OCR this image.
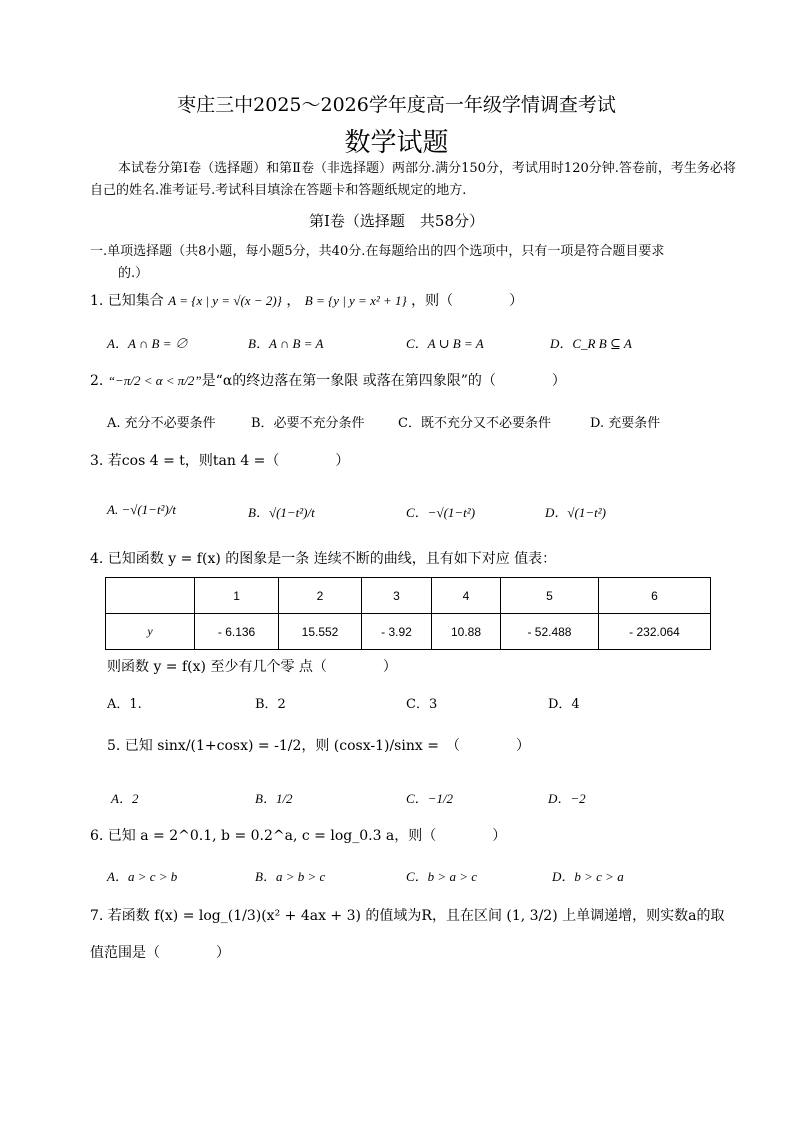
枣庄三中2025～2026学年度高一年级学情调查考试
数学试题
本试卷分第Ⅰ卷（选择题）和第Ⅱ卷（非选择题）两部分.满分150分，考试用时120分钟.答卷前，考生务必将自己的姓名.准考证号.考试科目填涂在答题卡和答题纸规定的地方.
第Ⅰ卷（选择题　共58分）
一.单项选择题（共8小题，每小题5分，共40分.在每题给出的四个选项中，只有一项是符合题目要求
的.）
1. 已知集合 A = {x | y = √(x − 2)} ， B = {y | y = x² + 1} ，则（　　　　）
A．A ∩ B = ∅	B．A ∩ B = A	C．A ∪ B = A	D．C_R B ⊆ A
2. “−π/2 < α < π/2”是“α的终边落在第一象限 或落在第四象限”的（　　　　）
A. 充分不必要条件	B．必要不充分条件	C．既不充分又不必要条件	D. 充要条件
3. 若cos 4 = t，则tan 4 =（　　　　）
A. −√(1−t²)/t	B．√(1−t²)/t	C．−√(1−t²)	D．√(1−t²)
4. 已知函数 y = f(x) 的图象是一条 连续不断的曲线，且有如下对应 值表：
	1	2	3	4	5	6
y	- 6.136	15.552	- 3.92	10.88	- 52.488	- 232.064
则函数 y = f(x) 至少有几个零 点（　　　　）
A．1.	B．2	C．3	D．4
5. 已知 sinx/(1+cosx) = -1/2，则 (cosx-1)/sinx =　（　　　　）
A．2	B．1/2	C．−1/2	D．−2
6. 已知 a = 2^0.1, b = 0.2^a, c = log_0.3 a，则（　　　　）
A．a > c > b	B．a > b > c	C．b > a > c	D．b > c > a
7. 若函数 f(x) = log_(1/3)(x² + 4ax + 3) 的值域为R，且在区间 (1, 3/2) 上单调递增，则实数a的取
值范围是（　　　　）
